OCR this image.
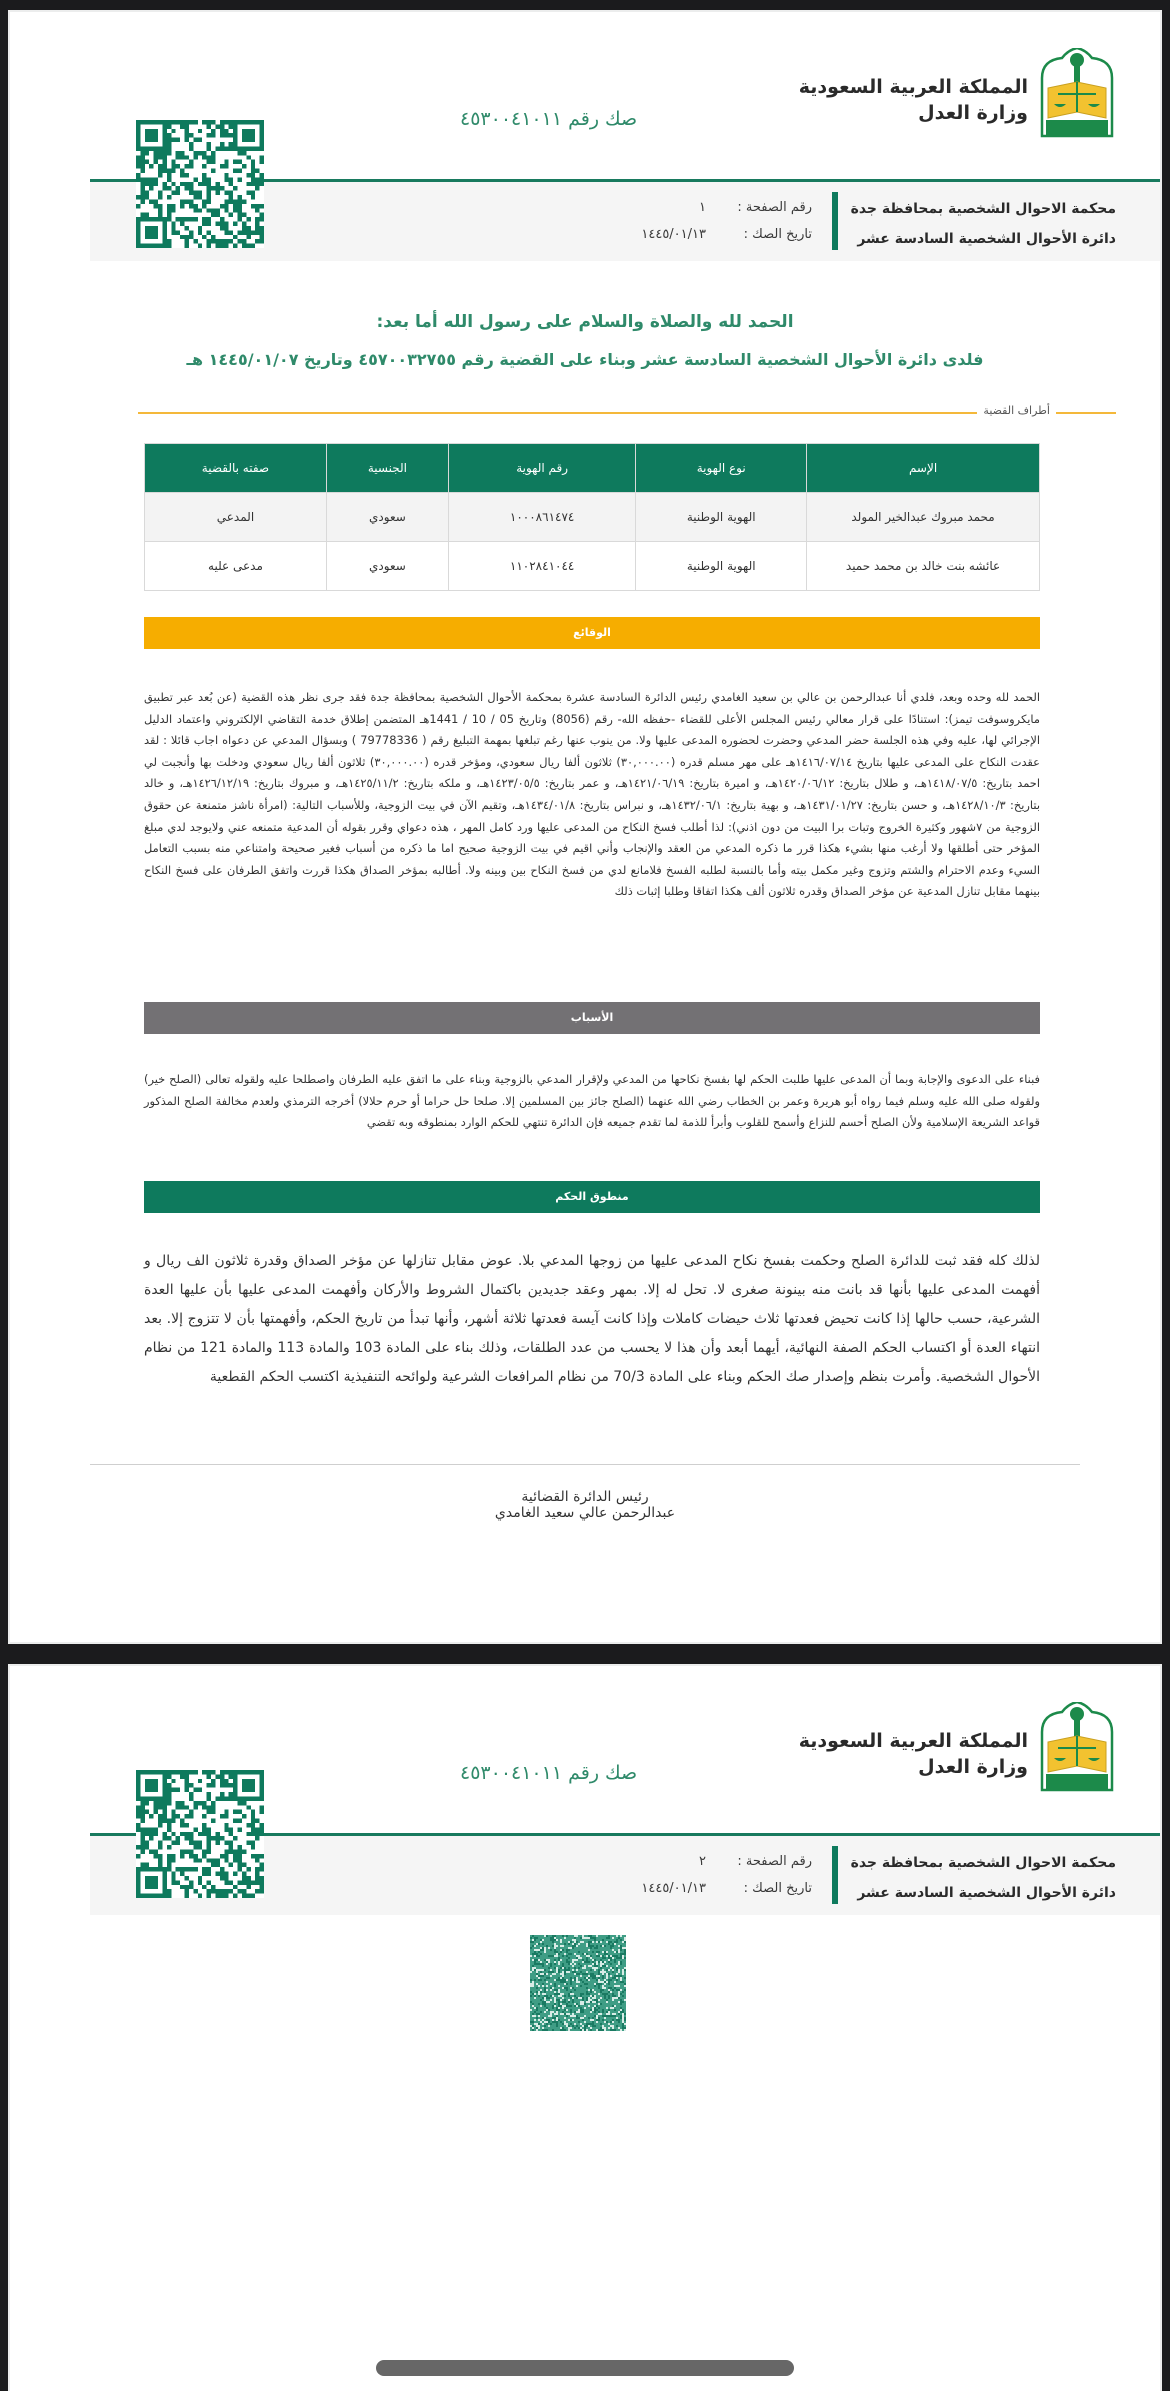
المملكة العربية السعودية
وزارة العدل
صك رقم ٤٥٣٠٠٤١٠١١
محكمة الاحوال الشخصية بمحافظة جدة
دائرة الأحوال الشخصية السادسة عشر
رقم الصفحة :
١
تاريخ الصك :
١٤٤٥/٠١/١٣
الحمد لله والصلاة والسلام على رسول الله أما بعد:
فلدى دائرة الأحوال الشخصية السادسة عشر وبناء على القضية رقم ٤٥٧٠٠٣٢٧٥٥ وتاريخ ١٤٤٥/٠١/٠٧ هـ
أطراف القضية
الإسم	نوع الهوية	رقم الهوية	الجنسية	صفته بالقضية
محمد مبروك عبدالخير المولد	الهوية الوطنية	١٠٠٠٨٦١٤٧٤	سعودي	المدعي
عائشه بنت خالد بن محمد حميد	الهوية الوطنية	١١٠٢٨٤١٠٤٤	سعودي	مدعى عليه
الوقائع
الحمد لله وحده وبعد، فلدي أنا عبدالرحمن بن عالي بن سعيد الغامدي رئيس الدائرة السادسة عشرة بمحكمة الأحوال الشخصية بمحافظة جدة فقد جرى نظر هذه القضية (عن بُعد عبر تطبيق مايكروسوفت تيمز): استنادًا على قرار معالي رئيس المجلس الأعلى للقضاء -حفظه الله- رقم (8056) وتاريخ 05 / 10 / 1441هـ المتضمن إطلاق خدمة التقاضي الإلكتروني واعتماد الدليل الإجرائي لها، عليه وفي هذه الجلسة حضر المدعي وحضرت لحضوره المدعى عليها ولا. من ينوب عنها رغم تبلغها بمهمة التبليغ رقم ( 79778336 ) وبسؤال المدعي عن دعواه اجاب قائلا : لقد عقدت النكاح على المدعى عليها بتاريخ ١٤١٦/٠٧/١٤هـ على مهر مسلم قدره (٣٠,٠٠٠.٠٠) ثلاثون ألفا ريال سعودي، ومؤخر قدره (٣٠,٠٠٠.٠٠) ثلاثون ألفا ريال سعودي ودخلت بها وأنجبت لي احمد بتاريخ: ١٤١٨/٠٧/٥هـ، و طلال بتاريخ: ١٤٢٠/٠٦/١٢هـ، و اميرة بتاريخ: ١٤٢١/٠٦/١٩هـ، و عمر بتاريخ: ١٤٢٣/٠٥/٥هـ، و ملكه بتاريخ: ١٤٢٥/١١/٢هـ، و مبروك بتاريخ: ١٤٢٦/١٢/١٩هـ، و خالد بتاريخ: ١٤٢٨/١٠/٣هـ، و حسن بتاريخ: ١٤٣١/٠١/٢٧هـ، و بهية بتاريخ: ١٤٣٢/٠٦/١هـ، و نبراس بتاريخ: ١٤٣٤/٠١/٨هـ، وتقيم الآن في بيت الزوجية، وللأسباب التالية: (امرأة ناشز متمنعة عن حقوق الزوجية من ٧شهور وكثيرة الخروج وتبات برا البيت من دون اذني): لذا أطلب فسخ النكاح من المدعى عليها ورد كامل المهر ، هذه دعواي وقرر بقوله أن المدعية متمنعه عني ولايوجد لدي مبلغ المؤخر حتى أطلقها ولا أرغب منها بشيء هكذا قرر ما ذكره المدعي من العقد والإنجاب وأني اقيم في بيت الزوجية صحيح اما ما ذكره من أسباب فغير صحيحة وامتناعي منه بسبب التعامل السيء وعدم الاحترام والشتم وتزوج وغير مكمل بيته وأما بالنسبة لطلبه الفسخ فلامانع لدي من فسخ النكاح بين وبينه ولا. أطالبه بمؤخر الصداق هكذا قررت واتفق الطرفان على فسخ النكاح بينهما مقابل تنازل المدعية عن مؤخر الصداق وقدره ثلاثون ألف هكذا اتفاقا وطلبا إثبات ذلك
الأسباب
فبناء على الدعوى والإجابة وبما أن المدعى عليها طلبت الحكم لها بفسخ نكاحها من المدعي ولإقرار المدعي بالزوجية وبناء على ما اتفق عليه الطرفان واصطلحا عليه ولقوله تعالى (الصلح خير) ولقوله صلى الله عليه وسلم فيما رواه أبو هريرة وعمر بن الخطاب رضي الله عنهما (الصلح جائز بين المسلمين إلا. صلحا حل حراما أو حرم حلالا) أخرجه الترمذي ولعدم مخالفة الصلح المذكور قواعد الشريعة الإسلامية ولأن الصلح أحسم للنزاع وأسمح للقلوب وأبرأ للذمة لما تقدم جميعه فإن الدائرة تنتهي للحكم الوارد بمنطوقه وبه تقضي
منطوق الحكم
لذلك كله فقد ثبت للدائرة الصلح وحكمت بفسخ نكاح المدعى عليها من زوجها المدعي بلا. عوض مقابل تنازلها عن مؤخر الصداق وقدرة ثلاثون الف ريال و أفهمت المدعى عليها بأنها قد بانت منه بينونة صغرى لا. تحل له إلا. بمهر وعقد جديدين باكتمال الشروط والأركان وأفهمت المدعى عليها بأن عليها العدة الشرعية، حسب حالها إذا كانت تحيض فعدتها ثلاث حيضات كاملات وإذا كانت آيسة فعدتها ثلاثة أشهر، وأنها تبدأ من تاريخ الحكم، وأفهمتها بأن لا تتزوج إلا. بعد انتهاء العدة أو اكتساب الحكم الصفة النهائية، أيهما أبعد وأن هذا لا يحسب من عدد الطلقات، وذلك بناء على المادة 103 والمادة 113 والمادة 121 من نظام الأحوال الشخصية. وأمرت بنظم وإصدار صك الحكم وبناء على المادة 70/3 من نظام المرافعات الشرعية ولوائحه التنفيذية اكتسب الحكم القطعية
رئيس الدائرة القضائية
عبدالرحمن عالي سعيد الغامدي
المملكة العربية السعودية
وزارة العدل
صك رقم ٤٥٣٠٠٤١٠١١
محكمة الاحوال الشخصية بمحافظة جدة
دائرة الأحوال الشخصية السادسة عشر
رقم الصفحة :
٢
تاريخ الصك :
١٤٤٥/٠١/١٣
